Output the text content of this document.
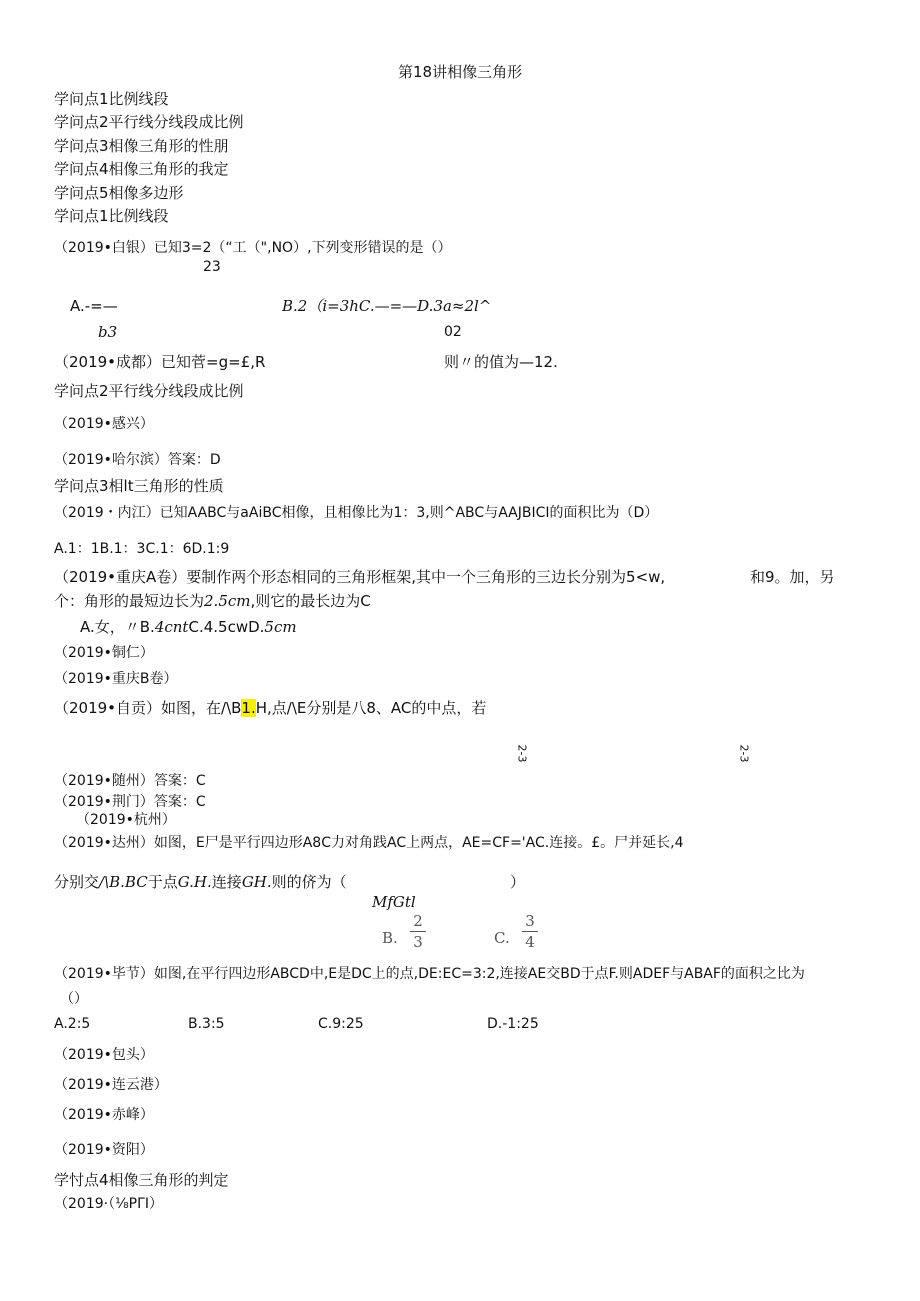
第18讲相像三角形
学问点1比例线段
学问点2平行线分线段成比例
学问点3相像三角形的性朋
学问点4相像三角形的我定
学问点5相像多边形
学问点1比例线段
（2019•白银）已知3=2（“工（",NO）,下列变形错误的是（）
23
A.-=—	B.2（i=3hC.—=—D.3a≈2l^
b3	02
（2019•成都）已知菅=g=£,R	则〃的值为—12.
学问点2平行线分线段成比例
（2019•感兴）
（2019•哈尔滨）答案：D
学问点3相lt三角形的性质
（2019・内江）已知AABC与aAiBC相像，且相像比为1：3,则^ABC与AAJBICI的面积比为（D）
A.1：1B.1：3C.1：6D.1:9
（2019•重庆A卷）要制作两个形态相同的三角形框架,其中一个三角形的三边长分别为5<w,	和9。加，另
个：角形的最短边长为2.5cm,则它的最长边为C
A.女，〃B.4cntC.4.5cwD.5cm
（2019•铜仁）
（2019•重庆B卷）
（2019•自贡）如图，在/\B1.H,点/\E分别是八8、AC的中点，若
2-3	2-3
（2019•随州）答案：C
（2019•荆门）答案：C
（2019•杭州）
（2019•达州）如图，E尸是平行四边形A8C力对角践AC上两点，AE=CF='AC.连接。£。尸并延长,4
分别交/\B.BC于点G.H.连接GH.则的侪为（	）
MfGtl
B.
2
3	C.
3
4
（2019•毕节）如图,在平行四边形ABCD中,E是DC上的点,DE:EC=3:2,连接AE交BD于点F.则ADEF与ABAF的面积之比为
（）
A.2:5	B.3:5	C.9:25	D.-1:25
（2019•包头）
（2019•连云港）
（2019•赤峰）
（2019•资阳）
学忖点4相像三角形的判定
（2019·（⅛PΓI）
